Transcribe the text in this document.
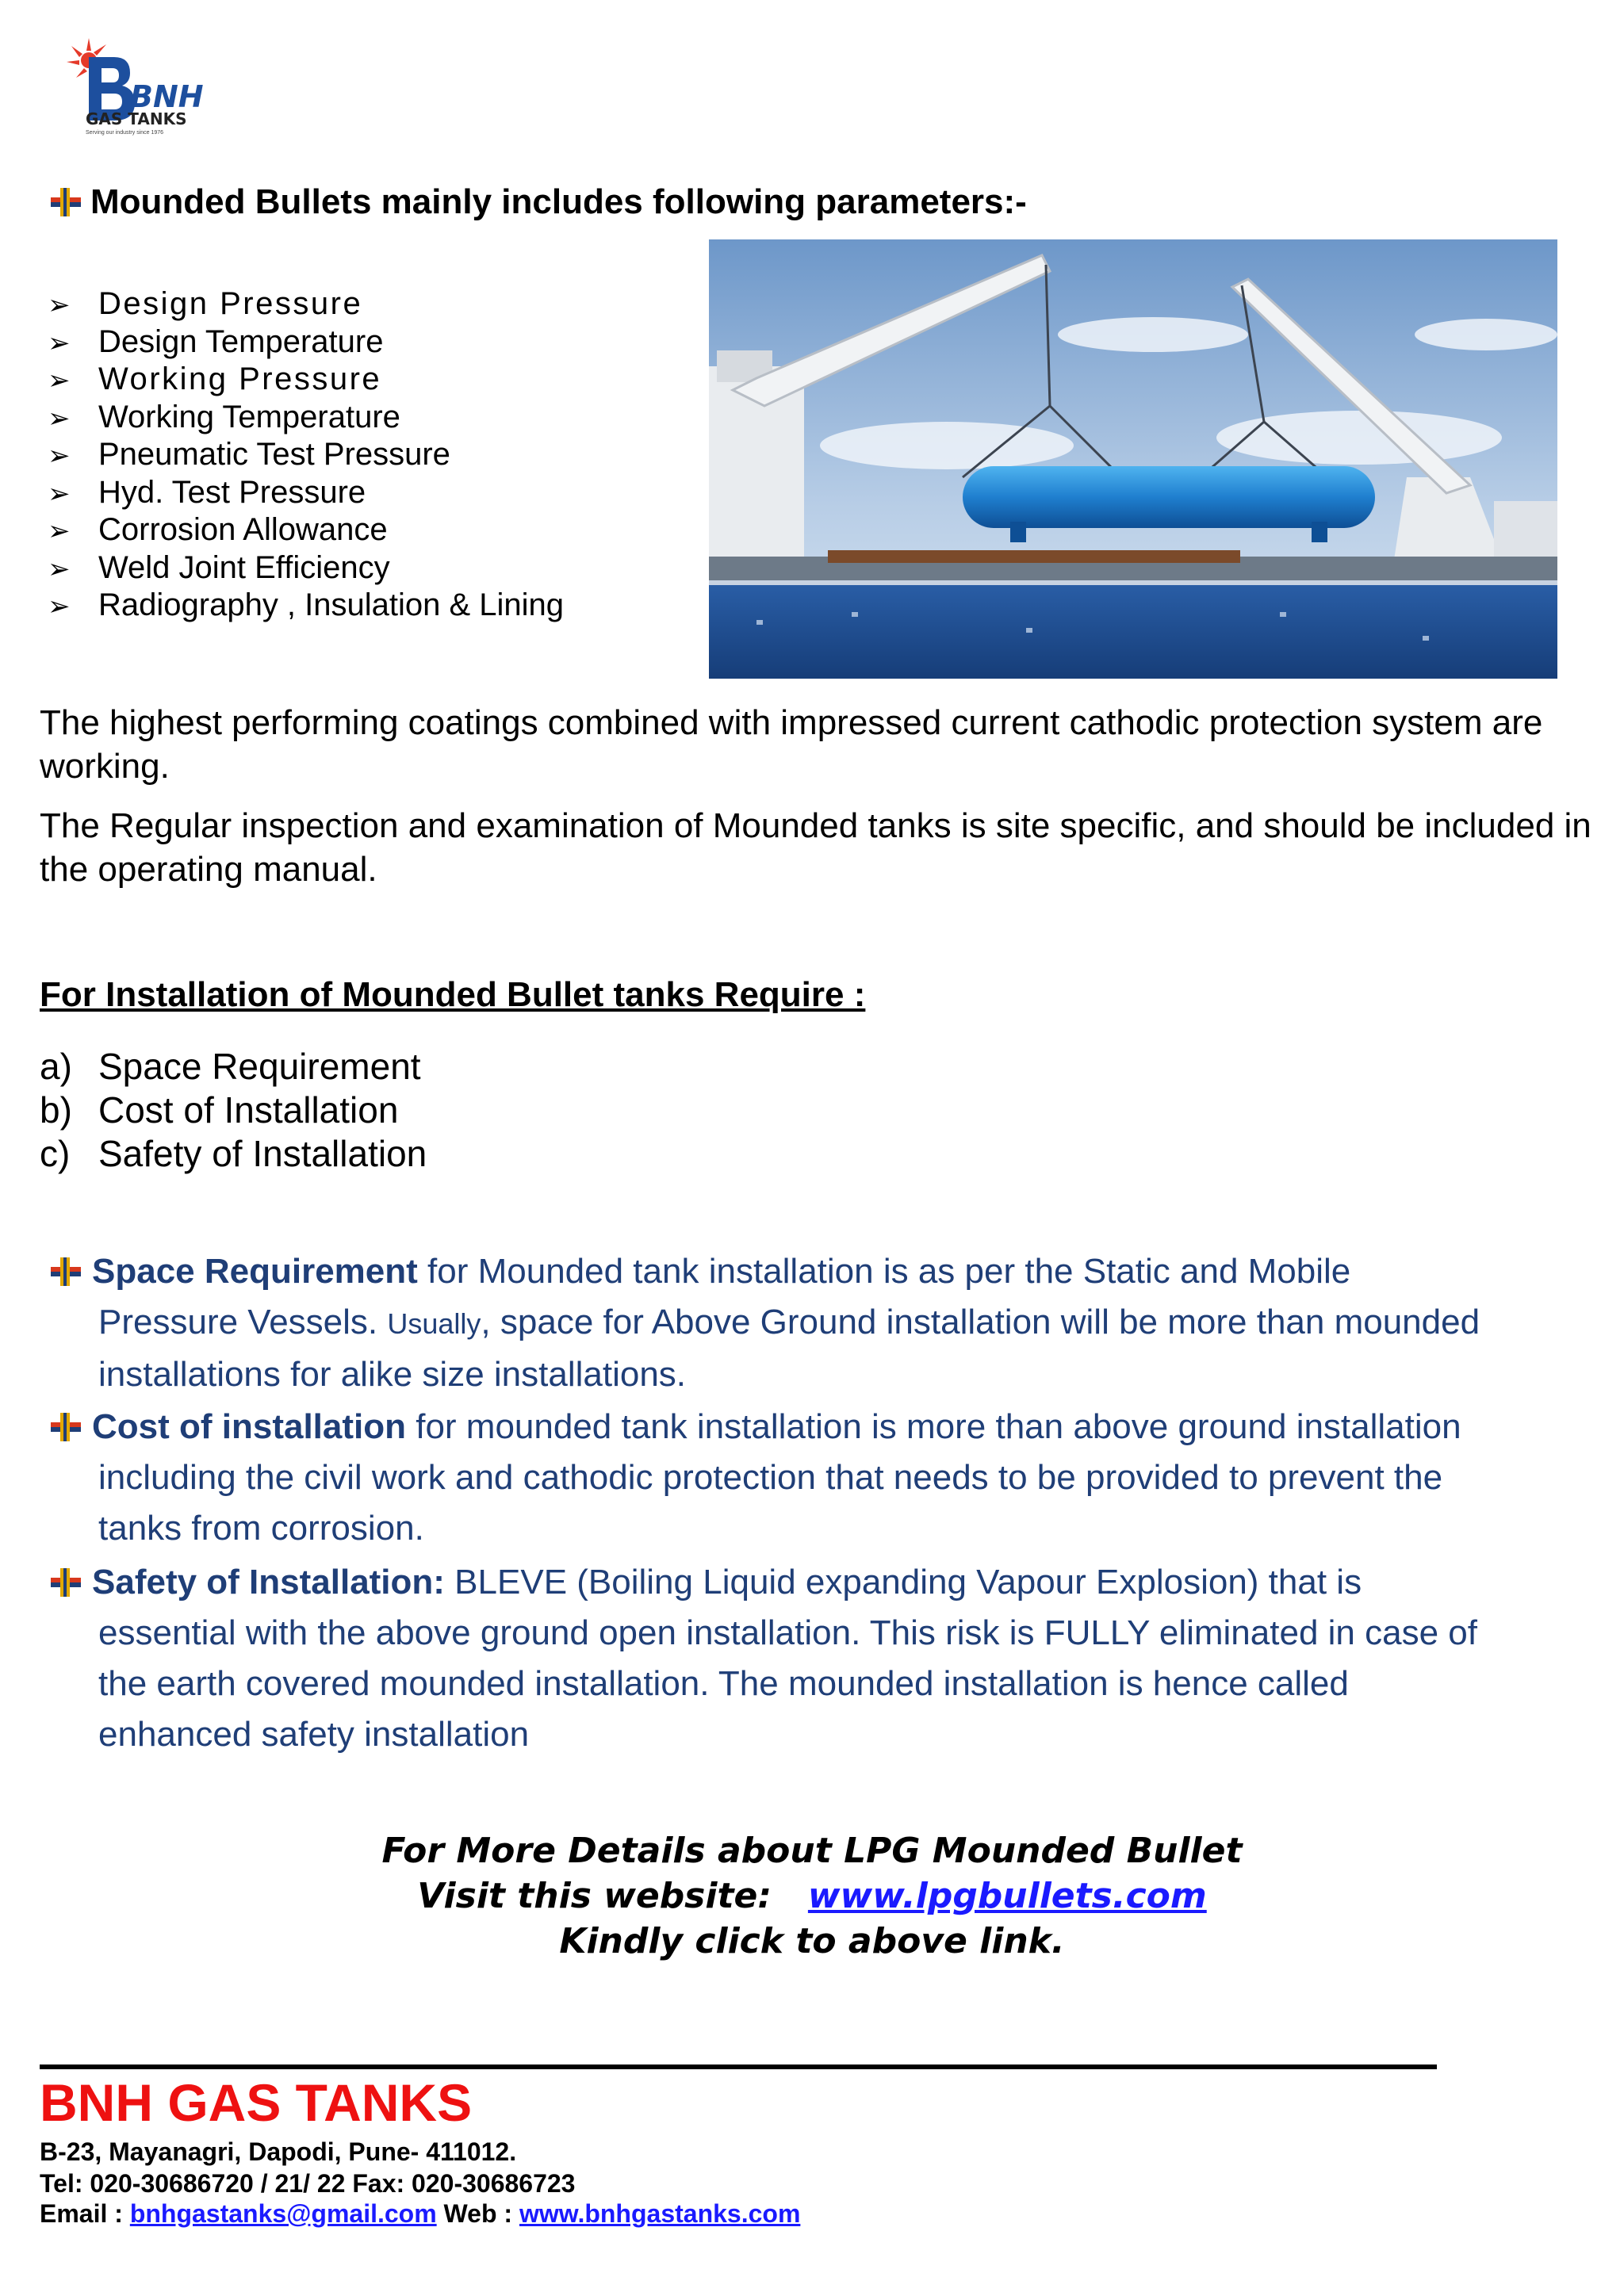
BNH
GAS TANKS
Serving our industry since 1976
Mounded Bullets mainly includes following parameters:-
➢ Design Pressure
➢ Design Temperature
➢ Working Pressure
➢ Working Temperature
➢ Pneumatic Test Pressure
➢ Hyd. Test Pressure
➢ Corrosion Allowance
➢ Weld Joint Efficiency
➢ Radiography , Insulation & Lining
The highest performing coatings combined with impressed current cathodic protection system are working.
The Regular inspection and examination of Mounded tanks is site specific, and should be included in the operating manual.
For Installation of Mounded Bullet tanks Require :
a) Space Requirement
b) Cost of Installation
c) Safety of Installation
Space Requirement for Mounded tank installation is as per the Static and Mobile
Pressure Vessels. Usually, space for Above Ground installation will be more than mounded
installations for alike size installations.
Cost of installation for mounded tank installation is more than above ground installation
including the civil work and cathodic protection that needs to be provided to prevent the
tanks from corrosion.
Safety of Installation: BLEVE (Boiling Liquid expanding Vapour Explosion) that is
essential with the above ground open installation. This risk is FULLY eliminated in case of
the earth covered mounded installation. The mounded installation is hence called
enhanced safety installation
For More Details about LPG Mounded Bullet
Visit this website:   www.lpgbullets.com
Kindly click to above link.
BNH GAS TANKS
B-23, Mayanagri, Dapodi, Pune- 411012.
Tel: 020-30686720 / 21/ 22 Fax: 020-30686723
Email : bnhgastanks@gmail.com Web : www.bnhgastanks.com
